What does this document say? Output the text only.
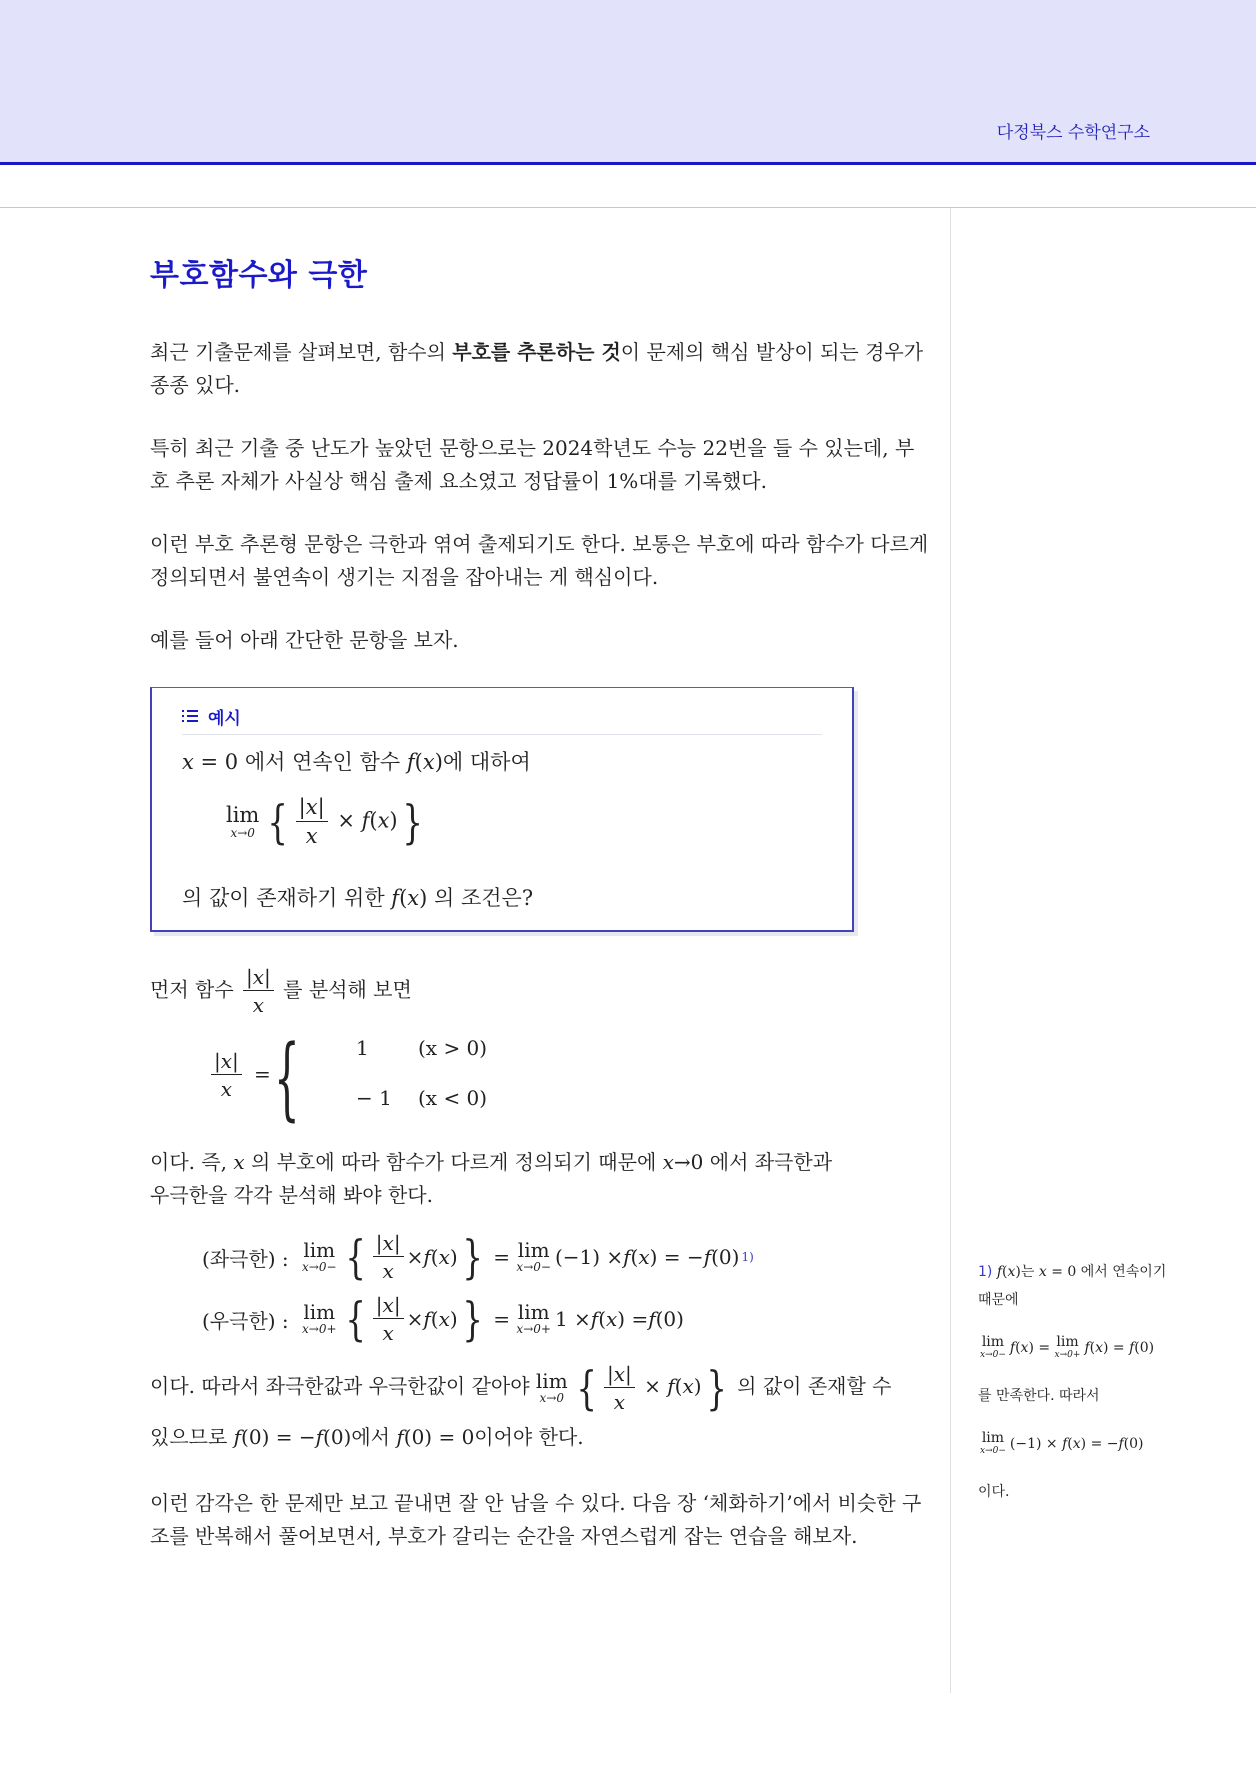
다정북스 수학연구소
부호함수와 극한

최근 기출문제를 살펴보면, 함수의 부호를 추론하는 것이 문제의 핵심 발상이 되는 경우가 종종 있다.

특히 최근 기출 중 난도가 높았던 문항으로는 2024학년도 수능 22번을 들 수 있는데, 부호 추론 자체가 사실상 핵심 출제 요소였고 정답률이 1%대를 기록했다.

이런 부호 추론형 문항은 극한과 엮여 출제되기도 한다. 보통은 부호에 따라 함수가 다르게 정의되면서 불연속이 생기는 지점을 잡아내는 게 핵심이다.

예를 들어 아래 간단한 문항을 보자.

예시
x = 0 에서 연속인 함수 f(x)에 대하여
lim
x→0 { $\frac{|x|}{x} \times f(x)$}
의 값이 존재하기 위한 f(x) 의 조건은?

먼저 함수 $\frac{|x|}{x}$ 를 분석해 보면

$\frac{|x|}{x}$ = {	1 (x > 0)
− 1 (x < 0)

이다. 즉, x 의 부호에 따라 함수가 다르게 정의되기 때문에 x→0 에서 좌극한과
우극한을 각각 분석해 봐야 한다.

(좌극한) : lim
x→0− { $\frac{|x|}{x} \times f$ ( x ) } = lim
x→0− (−1) × f ( x ) = − f (0) 1)
(우극한) : lim
x→0+ { $\frac{|x|}{x} \times f$ ( x ) } = lim
x→0+ 1 × f ( x ) = f (0)

이다. 따라서 좌극한값과 우극한값이 같아야 lim
x→0 { $\frac{|x|}{x} \times f(x)$} 의 값이 존재할 수
있으므로 f(0) = −f(0)에서 f(0) = 0이어야 한다.

이런 감각은 한 문제만 보고 끝내면 잘 안 남을 수 있다. 다음 장 ‘체화하기’에서 비슷한 구조를 반복해서 풀어보면서, 부호가 갈리는 순간을 자연스럽게 잡는 연습을 해보자.

1) f(x)는 x = 0 에서 연속이기
때문에
lim
x→0− f(x) = lim
x→0+ f(x) = f(0)
를 만족한다. 따라서
lim
x→0− (−1) × f(x) = −f(0)
이다.
